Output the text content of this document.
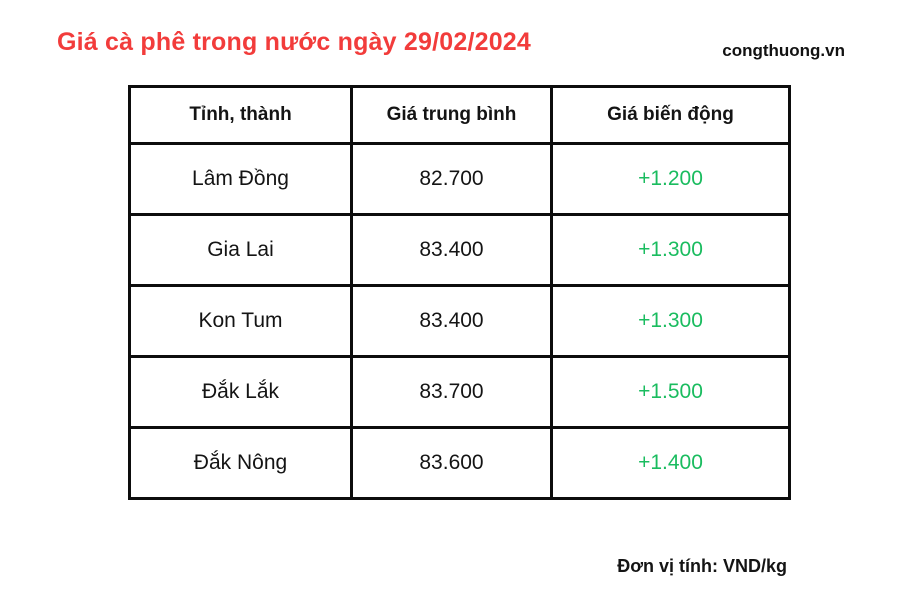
Giá cà phê trong nước ngày 29/02/2024	congthuong.vn
Tỉnh, thành	Giá trung bình	Giá biến động
Lâm Đồng	82.700	+1.200
Gia Lai	83.400	+1.300
Kon Tum	83.400	+1.300
Đắk Lắk	83.700	+1.500
Đắk Nông	83.600	+1.400
Đơn vị tính: VND/kg
